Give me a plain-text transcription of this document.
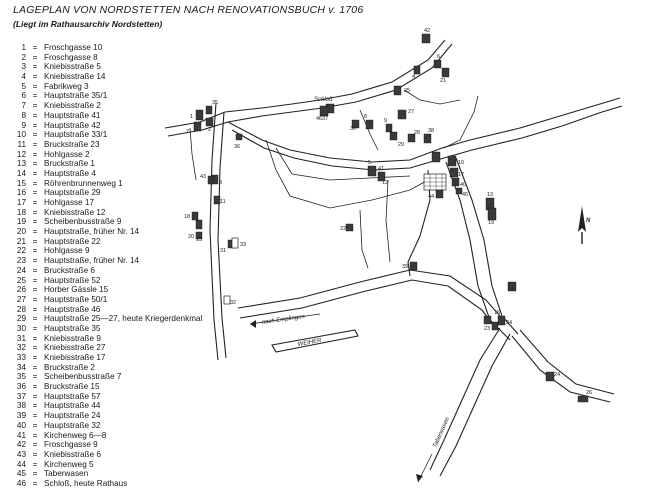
LAGEPLAN VON NORDSTETTEN NACH RENOVATIONSBUCH v. 1706
(Liegt im Rathausarchiv Nordstetten)
1 = Froschgasse 10
2 = Froschgasse 8
3 = Kniebisstraße 5
4 = Kniebisstraße 14
5 = Fabrikweg 3
6 = Hauptstraße 35/1
7 = Kniebisstraße 2
8 = Hauptstraße 41
9 = Hauptstraße 42
10 = Hauptstraße 33/1
11 = Bruckstraße 23
12 = Hohlgasse 2
13 = Bruckstraße 1
14 = Hauptstraße 4
15 = Röhrenbrunnenweg 1
16 = Hauptstraße 29
17 = Hohlgasse 17
18 = Kniebisstraße 12
19 = Scheibenbusstraße 9
20 = Hauptstraße, früher Nr. 14
21 = Hauptstraße 22
22 = Hohlgasse 9
23 = Hauptstraße, früher Nr. 14
24 = Bruckstraße 6
25 = Hauptstraße 52
26 = Horber Gässle 15
27 = Hauptstraße 50/1
28 = Hauptstraße 46
29 = Hauptstraße 25—27, heute Kriegerdenkmal
30 = Hauptstraße 35
31 = Kniebisstraße 9
32 = Kniebisstraße 27
33 = Kniebisstraße 17
34 = Bruckstraße 2
35 = Scheibenbusstraße 7
36 = Bruckstraße 15
37 = Hauptstraße 57
38 = Hauptstraße 44
39 = Hauptstraße 24
40 = Hauptstraße 32
41 = Kirchenweg 6—8
42 = Froschgasse 9
43 = Kniebisstraße 6
44 = Kirchenweg 5
45 = Taberwasen
46 = Schloß, heute Rathaus
WEIHER
nach Empfingen
Taberwasen
N
Schloß
1
2
3
4
5
6
7
8
9
10
11
12
13
14
15
16
17
18
19
20
21
22
23
24
25
26
27
28
29
30
31
32
33
34
35
36
37
38
39
40
41
42
43
44	45
46
